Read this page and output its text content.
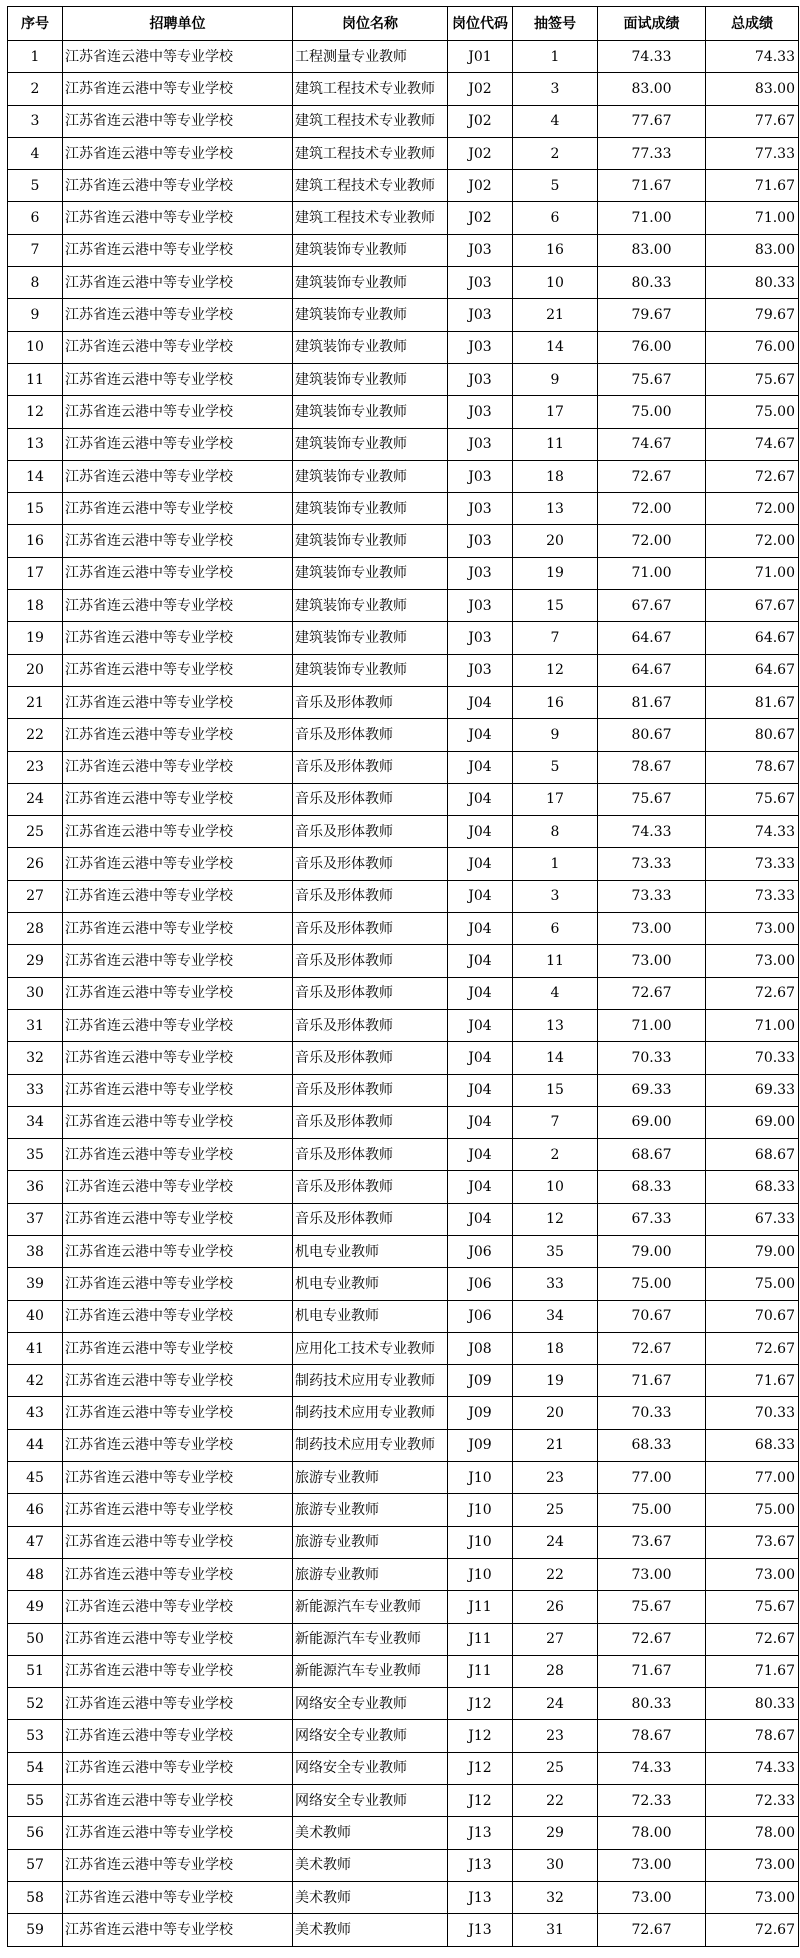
序号	招聘单位	岗位名称	岗位代码	抽签号	面试成绩	总成绩
1	江苏省连云港中等专业学校	工程测量专业教师	J01	1	74.33	74.33
2	江苏省连云港中等专业学校	建筑工程技术专业教师	J02	3	83.00	83.00
3	江苏省连云港中等专业学校	建筑工程技术专业教师	J02	4	77.67	77.67
4	江苏省连云港中等专业学校	建筑工程技术专业教师	J02	2	77.33	77.33
5	江苏省连云港中等专业学校	建筑工程技术专业教师	J02	5	71.67	71.67
6	江苏省连云港中等专业学校	建筑工程技术专业教师	J02	6	71.00	71.00
7	江苏省连云港中等专业学校	建筑装饰专业教师	J03	16	83.00	83.00
8	江苏省连云港中等专业学校	建筑装饰专业教师	J03	10	80.33	80.33
9	江苏省连云港中等专业学校	建筑装饰专业教师	J03	21	79.67	79.67
10	江苏省连云港中等专业学校	建筑装饰专业教师	J03	14	76.00	76.00
11	江苏省连云港中等专业学校	建筑装饰专业教师	J03	9	75.67	75.67
12	江苏省连云港中等专业学校	建筑装饰专业教师	J03	17	75.00	75.00
13	江苏省连云港中等专业学校	建筑装饰专业教师	J03	11	74.67	74.67
14	江苏省连云港中等专业学校	建筑装饰专业教师	J03	18	72.67	72.67
15	江苏省连云港中等专业学校	建筑装饰专业教师	J03	13	72.00	72.00
16	江苏省连云港中等专业学校	建筑装饰专业教师	J03	20	72.00	72.00
17	江苏省连云港中等专业学校	建筑装饰专业教师	J03	19	71.00	71.00
18	江苏省连云港中等专业学校	建筑装饰专业教师	J03	15	67.67	67.67
19	江苏省连云港中等专业学校	建筑装饰专业教师	J03	7	64.67	64.67
20	江苏省连云港中等专业学校	建筑装饰专业教师	J03	12	64.67	64.67
21	江苏省连云港中等专业学校	音乐及形体教师	J04	16	81.67	81.67
22	江苏省连云港中等专业学校	音乐及形体教师	J04	9	80.67	80.67
23	江苏省连云港中等专业学校	音乐及形体教师	J04	5	78.67	78.67
24	江苏省连云港中等专业学校	音乐及形体教师	J04	17	75.67	75.67
25	江苏省连云港中等专业学校	音乐及形体教师	J04	8	74.33	74.33
26	江苏省连云港中等专业学校	音乐及形体教师	J04	1	73.33	73.33
27	江苏省连云港中等专业学校	音乐及形体教师	J04	3	73.33	73.33
28	江苏省连云港中等专业学校	音乐及形体教师	J04	6	73.00	73.00
29	江苏省连云港中等专业学校	音乐及形体教师	J04	11	73.00	73.00
30	江苏省连云港中等专业学校	音乐及形体教师	J04	4	72.67	72.67
31	江苏省连云港中等专业学校	音乐及形体教师	J04	13	71.00	71.00
32	江苏省连云港中等专业学校	音乐及形体教师	J04	14	70.33	70.33
33	江苏省连云港中等专业学校	音乐及形体教师	J04	15	69.33	69.33
34	江苏省连云港中等专业学校	音乐及形体教师	J04	7	69.00	69.00
35	江苏省连云港中等专业学校	音乐及形体教师	J04	2	68.67	68.67
36	江苏省连云港中等专业学校	音乐及形体教师	J04	10	68.33	68.33
37	江苏省连云港中等专业学校	音乐及形体教师	J04	12	67.33	67.33
38	江苏省连云港中等专业学校	机电专业教师	J06	35	79.00	79.00
39	江苏省连云港中等专业学校	机电专业教师	J06	33	75.00	75.00
40	江苏省连云港中等专业学校	机电专业教师	J06	34	70.67	70.67
41	江苏省连云港中等专业学校	应用化工技术专业教师	J08	18	72.67	72.67
42	江苏省连云港中等专业学校	制药技术应用专业教师	J09	19	71.67	71.67
43	江苏省连云港中等专业学校	制药技术应用专业教师	J09	20	70.33	70.33
44	江苏省连云港中等专业学校	制药技术应用专业教师	J09	21	68.33	68.33
45	江苏省连云港中等专业学校	旅游专业教师	J10	23	77.00	77.00
46	江苏省连云港中等专业学校	旅游专业教师	J10	25	75.00	75.00
47	江苏省连云港中等专业学校	旅游专业教师	J10	24	73.67	73.67
48	江苏省连云港中等专业学校	旅游专业教师	J10	22	73.00	73.00
49	江苏省连云港中等专业学校	新能源汽车专业教师	J11	26	75.67	75.67
50	江苏省连云港中等专业学校	新能源汽车专业教师	J11	27	72.67	72.67
51	江苏省连云港中等专业学校	新能源汽车专业教师	J11	28	71.67	71.67
52	江苏省连云港中等专业学校	网络安全专业教师	J12	24	80.33	80.33
53	江苏省连云港中等专业学校	网络安全专业教师	J12	23	78.67	78.67
54	江苏省连云港中等专业学校	网络安全专业教师	J12	25	74.33	74.33
55	江苏省连云港中等专业学校	网络安全专业教师	J12	22	72.33	72.33
56	江苏省连云港中等专业学校	美术教师	J13	29	78.00	78.00
57	江苏省连云港中等专业学校	美术教师	J13	30	73.00	73.00
58	江苏省连云港中等专业学校	美术教师	J13	32	73.00	73.00
59	江苏省连云港中等专业学校	美术教师	J13	31	72.67	72.67
